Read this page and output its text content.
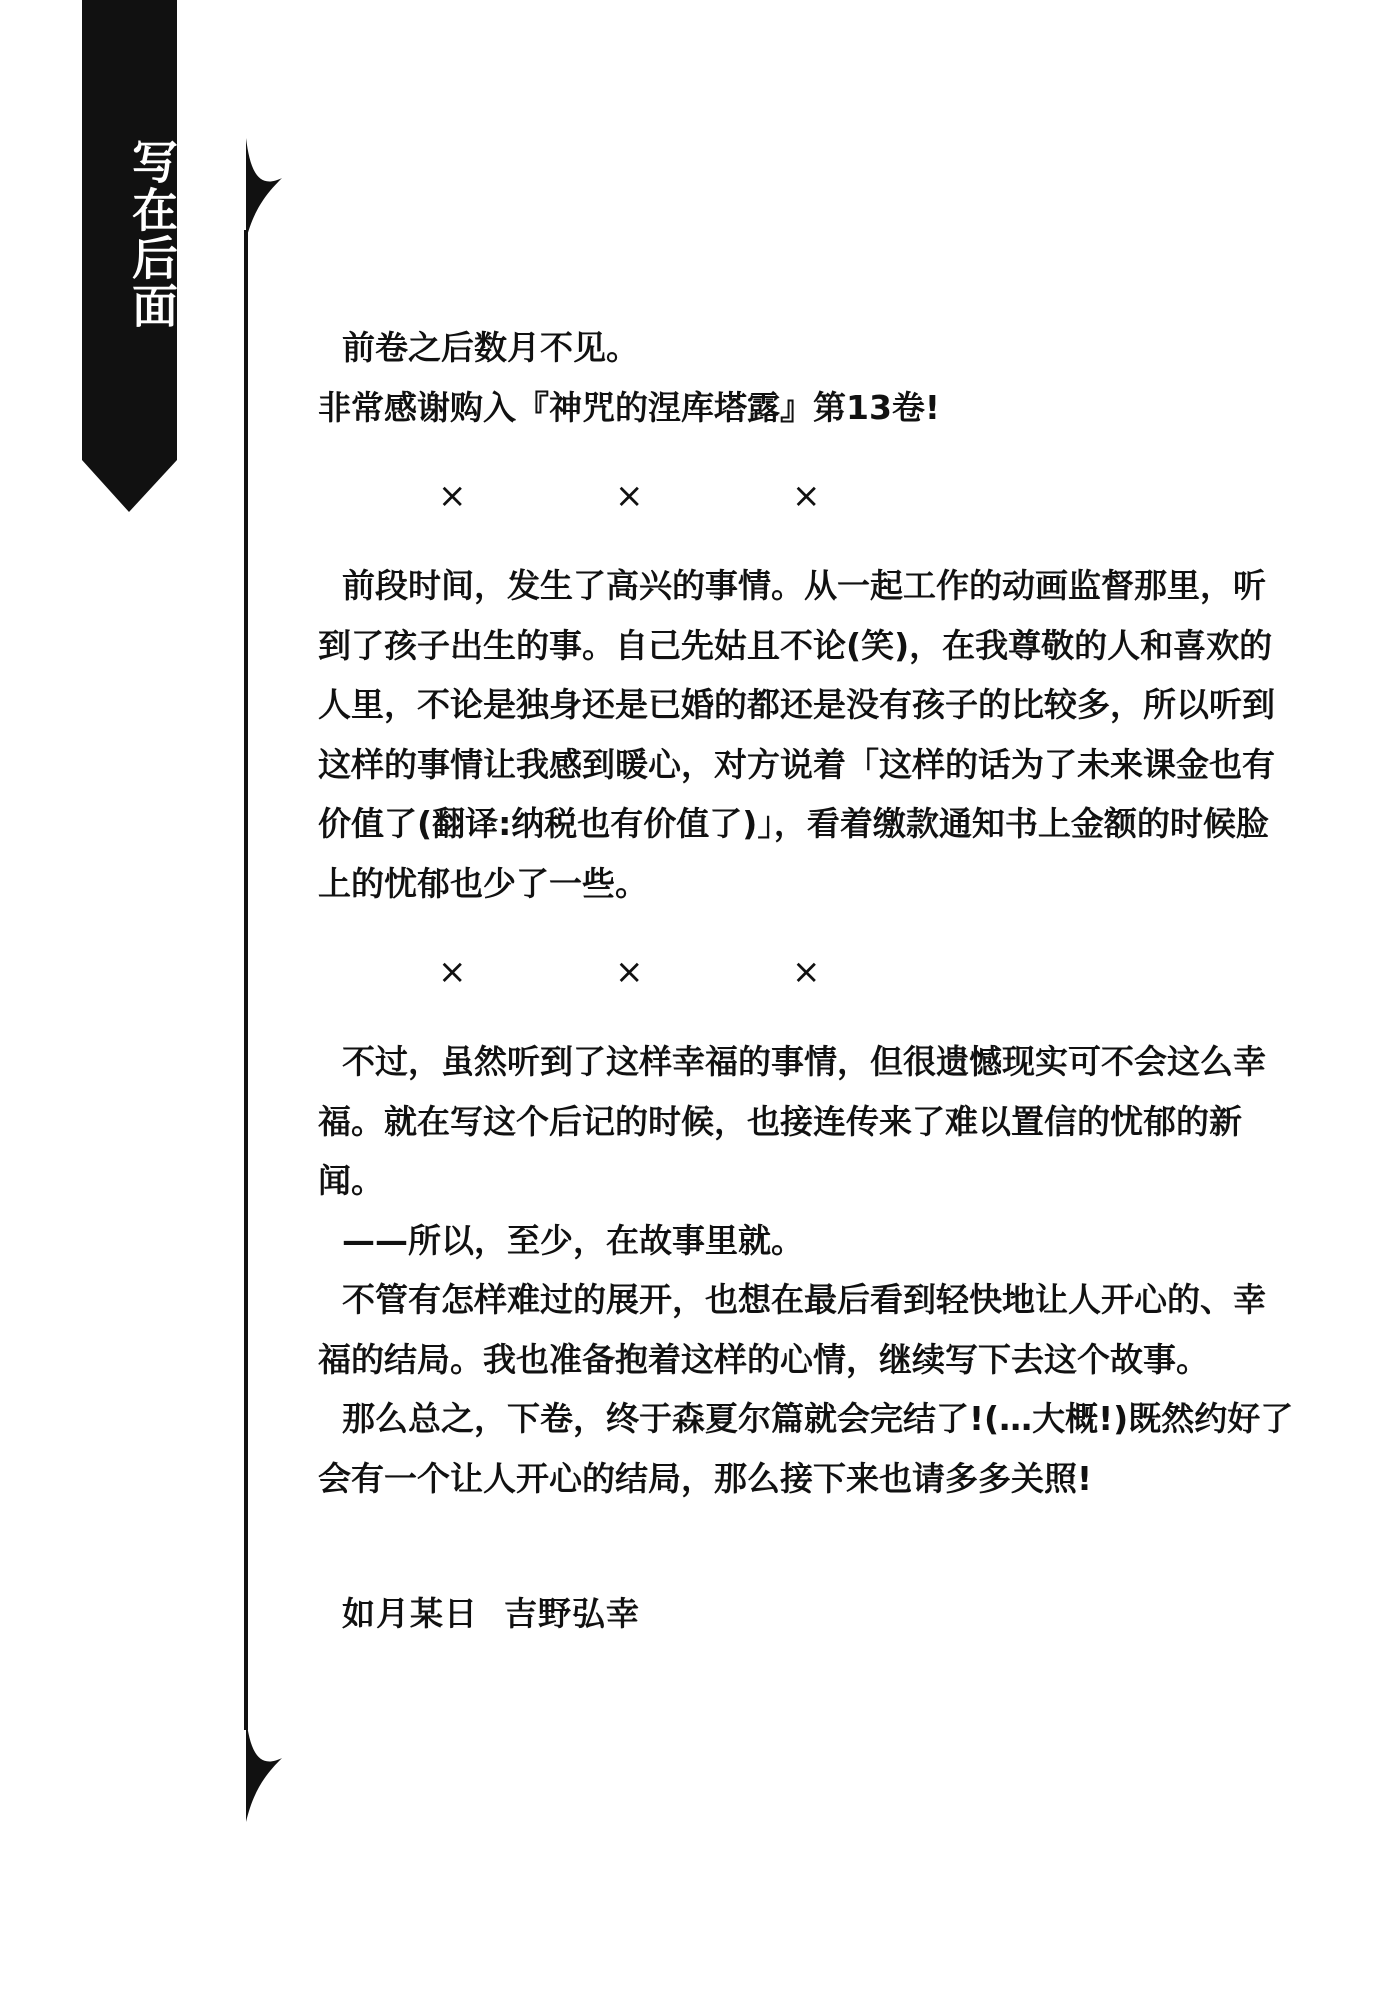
写在后面

前卷之后数月不见。

非常感谢购入『神咒的涅库塔露』第13卷!

×	×	×

前段时间，发生了高兴的事情。从一起工作的动画监督那里，听到了孩子出生的事。自己先姑且不论(笑)，在我尊敬的人和喜欢的人里，不论是独身还是已婚的都还是没有孩子的比较多，所以听到这样的事情让我感到暖心，对方说着「这样的话为了未来课金也有价值了(翻译:纳税也有价值了)」，看着缴款通知书上金额的时候脸上的忧郁也少了一些。

×	×	×

不过，虽然听到了这样幸福的事情，但很遗憾现实可不会这么幸福。就在写这个后记的时候，也接连传来了难以置信的忧郁的新闻。

——所以，至少，在故事里就。

不管有怎样难过的展开，也想在最后看到轻快地让人开心的、幸福的结局。我也准备抱着这样的心情，继续写下去这个故事。

那么总之，下卷，终于森夏尔篇就会完结了!(…大概!)既然约好了会有一个让人开心的结局，那么接下来也请多多关照!

如月某日 吉野弘幸
